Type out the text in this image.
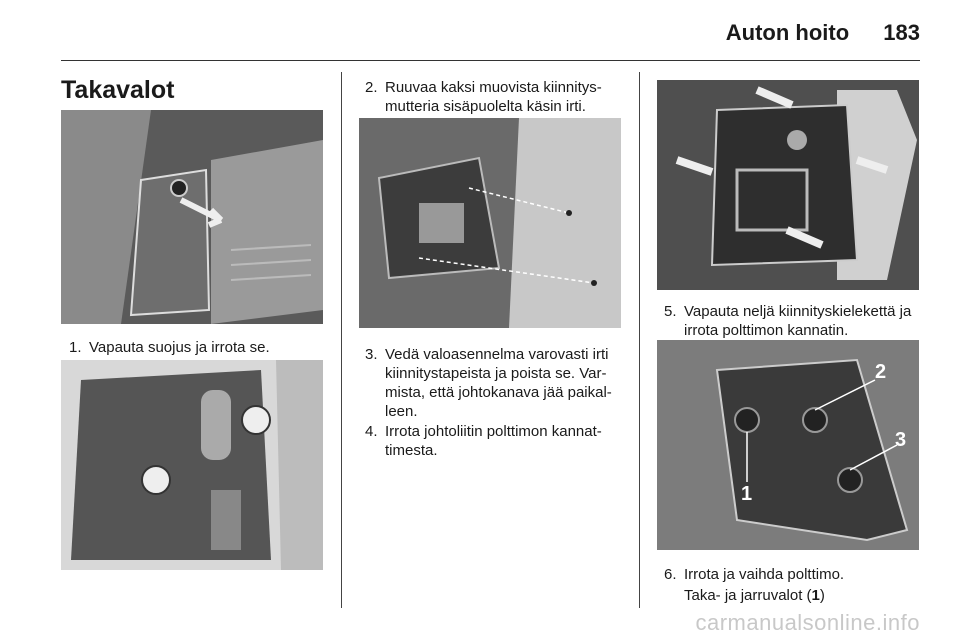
Auton hoito 183
Takavalot
1. Vapauta suojus ja irrota se.
2. Ruuvaa kaksi muovista kiinnitys-mutteria sisäpuolelta käsin irti.
3. Vedä valoasennelma varovasti irti kiinnitystapeista ja poista se. Var-mista, että johtokanava jää paikal-leen.
4. Irrota johtoliitin polttimon kannat-timesta.
5. Vapauta neljä kiinnityskielekettä ja irrota polttimon kannatin.
1
2
3
6. Irrota ja vaihda polttimo.
Taka- ja jarruvalot (1)
carmanualsonline.info
